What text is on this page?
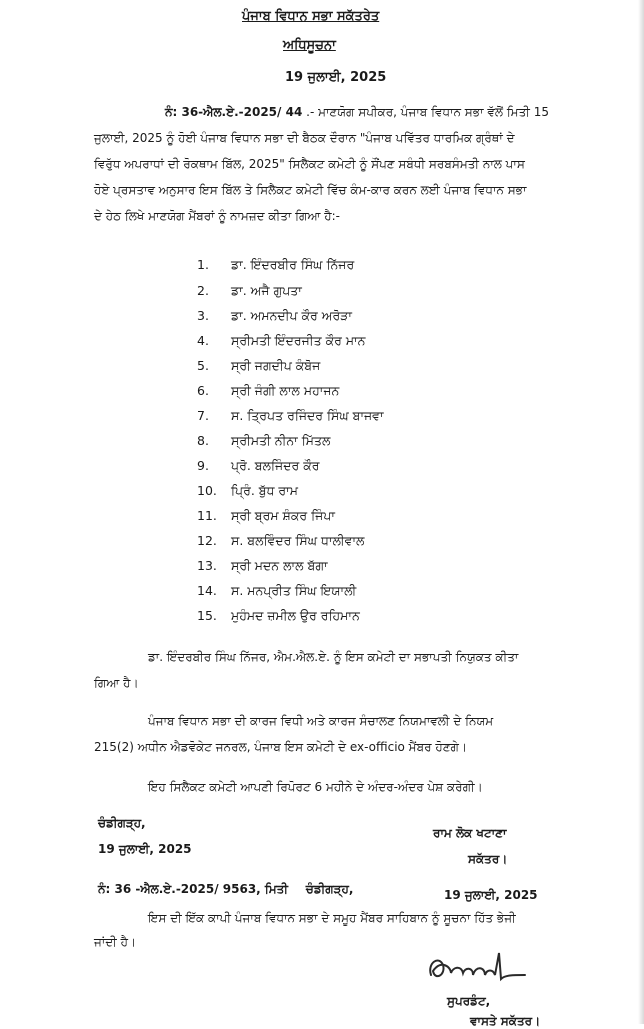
ਪੰਜਾਬ ਵਿਧਾਨ ਸਭਾ ਸਕੱਤਰੇਤ
ਅਧਿਸੂਚਨਾ
19 ਜੁਲਾਈ, 2025
ਨੰ: 36-ਐਲ.ਏ.-2025/ 44 .- ਮਾਣਯੋਗ ਸਪੀਕਰ, ਪੰਜਾਬ ਵਿਧਾਨ ਸਭਾ ਵੱਲੋਂ ਮਿਤੀ 15
ਜੁਲਾਈ, 2025 ਨੂੰ ਹੋਈ ਪੰਜਾਬ ਵਿਧਾਨ ਸਭਾ ਦੀ ਬੈਠਕ ਦੌਰਾਨ "ਪੰਜਾਬ ਪਵਿੱਤਰ ਧਾਰਮਿਕ ਗ੍ਰੰਥਾਂ ਦੇ
ਵਿਰੁੱਧ ਅਪਰਾਧਾਂ ਦੀ ਰੋਕਥਾਮ ਬਿੱਲ, 2025" ਸਿਲੈਕਟ ਕਮੇਟੀ ਨੂੰ ਸੌਂਪਣ ਸਬੰਧੀ ਸਰਬਸੰਮਤੀ ਨਾਲ ਪਾਸ
ਹੋਏ ਪ੍ਰਸਤਾਵ ਅਨੁਸਾਰ ਇਸ ਬਿੱਲ ਤੇ ਸਿਲੈਕਟ ਕਮੇਟੀ ਵਿੱਚ ਕੰਮ-ਕਾਰ ਕਰਨ ਲਈ ਪੰਜਾਬ ਵਿਧਾਨ ਸਭਾ
ਦੇ ਹੇਠ ਲਿਖੇ ਮਾਣਯੋਗ ਮੈਂਬਰਾਂ ਨੂੰ ਨਾਮਜ਼ਦ ਕੀਤਾ ਗਿਆ ਹੈ:-
1. ਡਾ. ਇੰਦਰਬੀਰ ਸਿੰਘ ਨਿੱਜਰ
2. ਡਾ. ਅਜੈ ਗੁਪਤਾ
3. ਡਾ. ਅਮਨਦੀਪ ਕੌਰ ਅਰੋੜਾ
4. ਸ੍ਰੀਮਤੀ ਇੰਦਰਜੀਤ ਕੌਰ ਮਾਨ
5. ਸ੍ਰੀ ਜਗਦੀਪ ਕੰਬੋਜ
6. ਸ੍ਰੀ ਜੰਗੀ ਲਾਲ ਮਹਾਜਨ
7. ਸ. ਤ੍ਰਿਪਤ ਰਜਿੰਦਰ ਸਿੰਘ ਬਾਜਵਾ
8. ਸ੍ਰੀਮਤੀ ਨੀਨਾ ਮਿੱਤਲ
9. ਪ੍ਰੋ. ਬਲਜਿੰਦਰ ਕੌਰ
10. ਪ੍ਰਿੰ. ਬੁੱਧ ਰਾਮ
11. ਸ੍ਰੀ ਬ੍ਰਮ ਸ਼ੰਕਰ ਜਿੰਪਾ
12. ਸ. ਬਲਵਿੰਦਰ ਸਿੰਘ ਧਾਲੀਵਾਲ
13. ਸ੍ਰੀ ਮਦਨ ਲਾਲ ਬੱਗਾ
14. ਸ. ਮਨਪ੍ਰੀਤ ਸਿੰਘ ਇਯਾਲੀ
15. ਮੁਹੰਮਦ ਜ਼ਮੀਲ ਉਰ ਰਹਿਮਾਨ
ਡਾ. ਇੰਦਰਬੀਰ ਸਿੰਘ ਨਿੱਜਰ, ਐਮ.ਐਲ.ਏ. ਨੂੰ ਇਸ ਕਮੇਟੀ ਦਾ ਸਭਾਪਤੀ ਨਿਯੁਕਤ ਕੀਤਾ
ਗਿਆ ਹੈ।
ਪੰਜਾਬ ਵਿਧਾਨ ਸਭਾ ਦੀ ਕਾਰਜ ਵਿਧੀ ਅਤੇ ਕਾਰਜ ਸੰਚਾਲਣ ਨਿਯਮਾਵਲੀ ਦੇ ਨਿਯਮ
215(2) ਅਧੀਨ ਐਡਵੋਕੇਟ ਜਨਰਲ, ਪੰਜਾਬ ਇਸ ਕਮੇਟੀ ਦੇ ex-officio ਮੈਂਬਰ ਹੋਣਗੇ।
ਇਹ ਸਿਲੈਕਟ ਕਮੇਟੀ ਆਪਣੀ ਰਿਪੋਰਟ 6 ਮਹੀਨੇ ਦੇ ਅੰਦਰ-ਅੰਦਰ ਪੇਸ਼ ਕਰੇਗੀ।
ਚੰਡੀਗੜ੍ਹ,
19 ਜੁਲਾਈ, 2025
ਰਾਮ ਲੋਕ ਖਟਾਣਾ
ਸਕੱਤਰ।
ਨੰ: 36 -ਐਲ.ਏ.-2025/ 9563, ਮਿਤੀ ਚੰਡੀਗੜ੍ਹ,	19 ਜੁਲਾਈ, 2025
ਇਸ ਦੀ ਇੱਕ ਕਾਪੀ ਪੰਜਾਬ ਵਿਧਾਨ ਸਭਾ ਦੇ ਸਮੂਹ ਮੈਂਬਰ ਸਾਹਿਬਾਨ ਨੂੰ ਸੂਚਨਾ ਹਿੱਤ ਭੇਜੀ
ਜਾਂਦੀ ਹੈ।
ਸੁਪਰਡੰਟ,
ਵਾਸਤੇ ਸਕੱਤਰ।
